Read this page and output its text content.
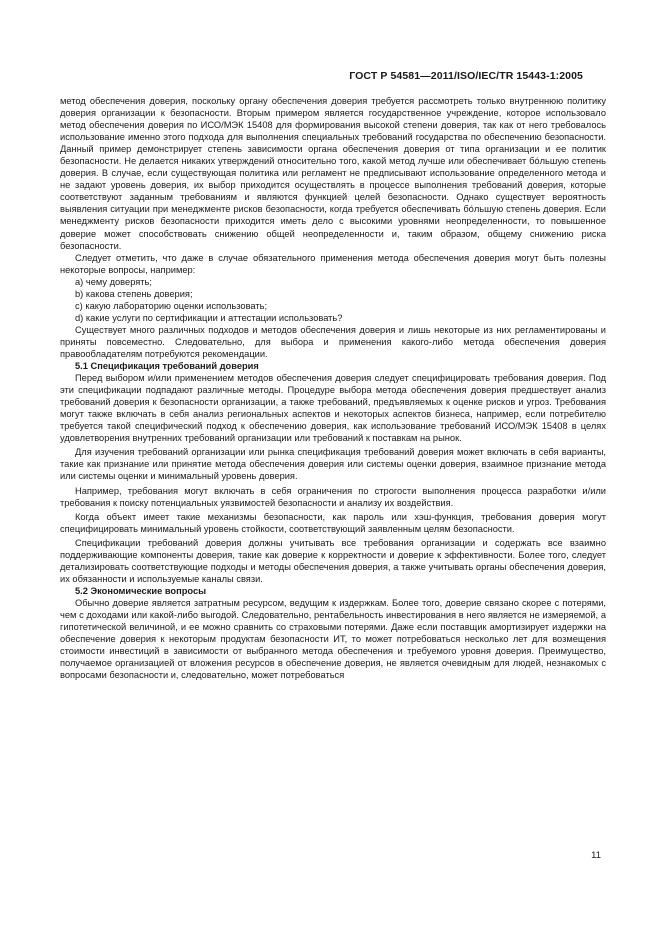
ГОСТ Р 54581—2011/ISO/IEC/TR 15443-1:2005

метод обеспечения доверия, поскольку органу обеспечения доверия требуется рассмотреть только внутреннюю политику доверия организации к безопасности. Вторым примером является государственное учреждение, которое использовало метод обеспечения доверия по ИСО/МЭК 15408 для формирования высокой степени доверия, так как от него требовалось использование именно этого подхода для выполнения специальных требований государства по обеспечению безопасности. Данный пример демонстрирует степень зависимости органа обеспечения доверия от типа организации и ее политик безопасности. Не делается никаких утверждений относительно того, какой метод лучше или обеспечивает бóльшую степень доверия. В случае, если существующая политика или регламент не предписывают использование определенного метода и не задают уровень доверия, их выбор приходится осуществлять в процессе выполнения требований доверия, которые соответствуют заданным требованиям и являются функцией целей безопасности. Однако существует вероятность выявления ситуации при менеджменте рисков безопасности, когда требуется обеспечивать бóльшую степень доверия. Если менеджменту рисков безопасности приходится иметь дело с высокими уровнями неопределенности, то повышенное доверие может способствовать снижению общей неопределенности и, таким образом, общему снижению риска безопасности.

Следует отметить, что даже в случае обязательного применения метода обеспечения доверия могут быть полезны некоторые вопросы, например:

a) чему доверять;

b) какова степень доверия;

c) какую лабораторию оценки использовать;

d) какие услуги по сертификации и аттестации использовать?

Существует много различных подходов и методов обеспечения доверия и лишь некоторые из них регламентированы и приняты повсеместно. Следовательно, для выбора и применения какого-либо метода обеспечения доверия правообладателям потребуются рекомендации.

5.1 Спецификация требований доверия

Перед выбором и/или применением методов обеспечения доверия следует специфицировать требования доверия. Под эти спецификации подпадают различные методы. Процедуре выбора метода обеспечения доверия предшествует анализ требований доверия к безопасности организации, а также требований, предъявляемых к оценке рисков и угроз. Требования могут также включать в себя анализ региональных аспектов и некоторых аспектов бизнеса, например, если потребителю требуется такой специфический подход к обеспечению доверия, как использование требований ИСО/МЭК 15408 в целях удовлетворения внутренних требований организации или требований к поставкам на рынок.

Для изучения требований организации или рынка спецификация требований доверия может включать в себя варианты, такие как признание или принятие метода обеспечения доверия или системы оценки доверия, взаимное признание метода или системы оценки и минимальный уровень доверия.

Например, требования могут включать в себя ограничения по строгости выполнения процесса разработки и/или требования к поиску потенциальных уязвимостей безопасности и анализу их воздействия.

Когда объект имеет такие механизмы безопасности, как пароль или хэш-функция, требования доверия могут специфицировать минимальный уровень стойкости, соответствующий заявленным целям безопасности.

Спецификации требований доверия должны учитывать все требования организации и содержать все взаимно поддерживающие компоненты доверия, такие как доверие к корректности и доверие к эффективности. Более того, следует детализировать соответствующие подходы и методы обеспечения доверия, а также учитывать органы обеспечения доверия, их обязанности и используемые каналы связи.

5.2 Экономические вопросы

Обычно доверие является затратным ресурсом, ведущим к издержкам. Более того, доверие связано скорее с потерями, чем с доходами или какой-либо выгодой. Следовательно, рентабельность инвестирования в него является не измеряемой, а гипотетической величиной, и ее можно сравнить со страховыми потерями. Даже если поставщик амортизирует издержки на обеспечение доверия к некоторым продуктам безопасности ИТ, то может потребоваться несколько лет для возмещения стоимости инвестиций в зависимости от выбранного метода обеспечения и требуемого уровня доверия. Преимущество, получаемое организацией от вложения ресурсов в обеспечение доверия, не является очевидным для людей, незнакомых с вопросами безопасности и, следовательно, может потребоваться

11
